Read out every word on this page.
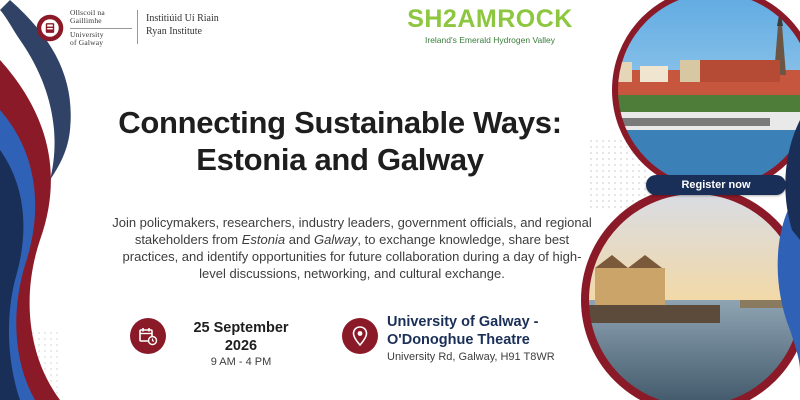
Ollscoil na
Gaillimhe
University
of Galway
Institiúid Uí Riain
Ryan Institute	SH2AMROCK
Ireland's Emerald Hydrogen Valley
Connecting Sustainable Ways:
Estonia and Galway
Join policymakers, researchers, industry leaders, government officials, and regional stakeholders from Estonia and Galway, to exchange knowledge, share best practices, and identify opportunities for future collaboration during a day of high-level discussions, networking, and cultural exchange.
25 September 2026
9 AM - 4 PM
University of Galway -
O'Donoghue Theatre
University Rd, Galway, H91 T8WR
Register now
